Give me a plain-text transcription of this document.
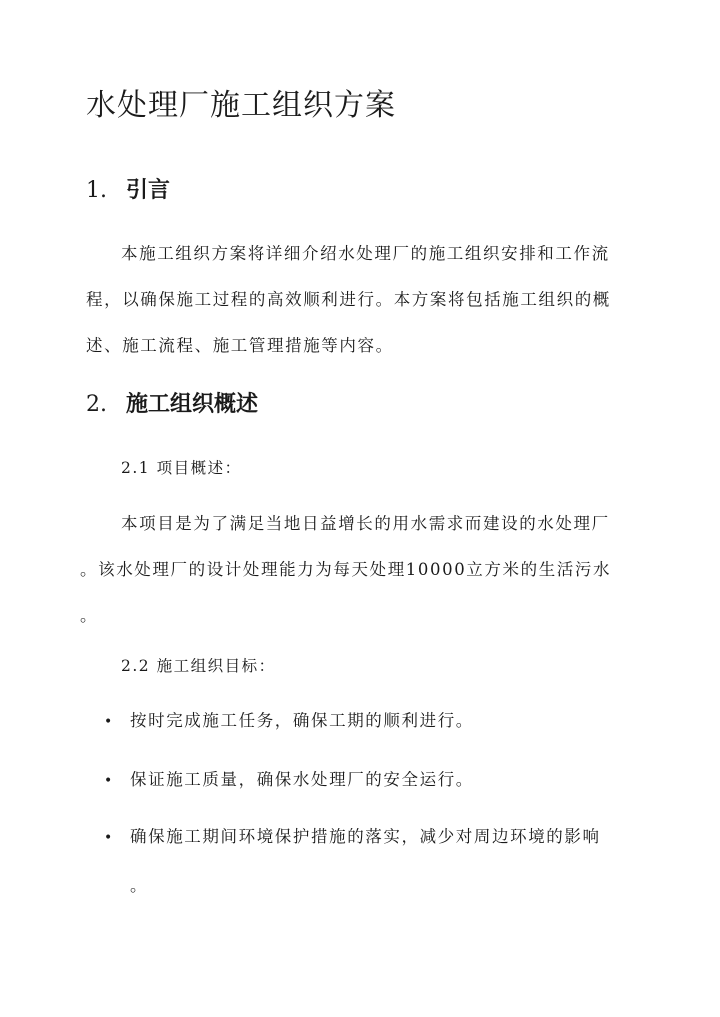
水处理厂施工组织方案
1. 引言
本施工组织方案将详细介绍水处理厂的施工组织安排和工作流
程，以确保施工过程的高效顺利进行。本方案将包括施工组织的概
述、施工流程、施工管理措施等内容。
2. 施工组织概述
2.1 项目概述：
本项目是为了满足当地日益增长的用水需求而建设的水处理厂
。该水处理厂的设计处理能力为每天处理10000立方米的生活污水
。
2.2 施工组织目标：
• 按时完成施工任务，确保工期的顺利进行。
• 保证施工质量，确保水处理厂的安全运行。
• 确保施工期间环境保护措施的落实，减少对周边环境的影响
。
